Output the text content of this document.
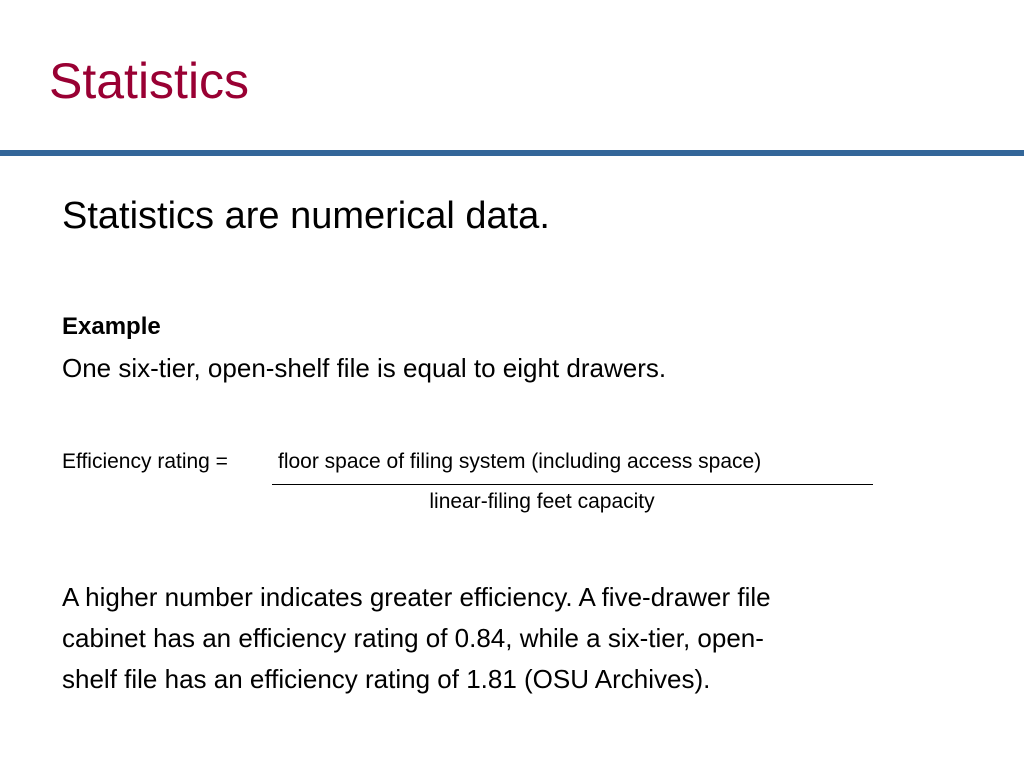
Statistics
Statistics are numerical data.
Example
One six-tier, open-shelf file is equal to eight drawers.
Efficiency rating = floor space of filing system (including access space)
linear-filing feet capacity
A higher number indicates greater efficiency. A five-drawer file
cabinet has an efficiency rating of 0.84, while a six-tier, open-
shelf file has an efficiency rating of 1.81 (OSU Archives).
